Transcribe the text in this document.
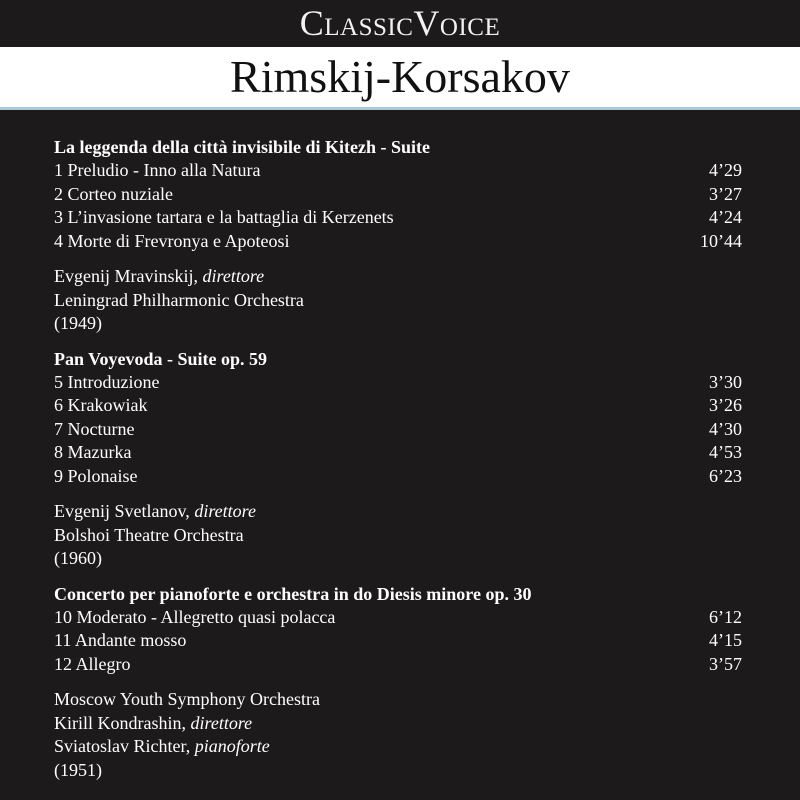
ClassicVoice
Rimskij-Korsakov
La leggenda della città invisibile di Kitezh - Suite
1 Preludio - Inno alla Natura	4’29
2 Corteo nuziale	3’27
3 L’invasione tartara e la battaglia di Kerzenets	4’24
4 Morte di Frevronya e Apoteosi	10’44
Evgenij Mravinskij, direttore
Leningrad Philharmonic Orchestra
(1949)
Pan Voyevoda - Suite op. 59
5 Introduzione	3’30
6 Krakowiak	3’26
7 Nocturne	4’30
8 Mazurka	4’53
9 Polonaise	6’23
Evgenij Svetlanov, direttore
Bolshoi Theatre Orchestra
(1960)
Concerto per pianoforte e orchestra in do Diesis minore op. 30
10 Moderato - Allegretto quasi polacca	6’12
11 Andante mosso	4’15
12 Allegro	3’57
Moscow Youth Symphony Orchestra
Kirill Kondrashin, direttore
Sviatoslav Richter, pianoforte
(1951)
